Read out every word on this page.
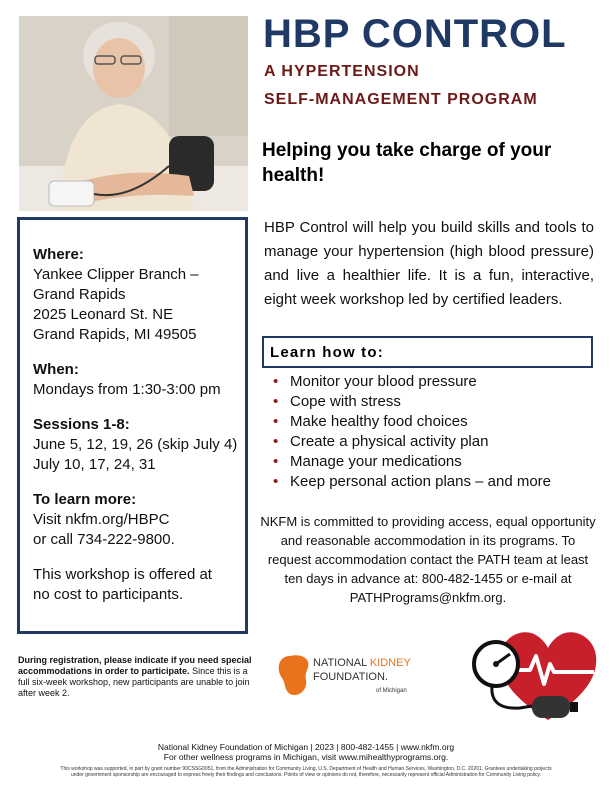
HBP CONTROL
A HYPERTENSION
SELF-MANAGEMENT PROGRAM
Helping you take charge of your health!
HBP Control will help you build skills and tools to manage your hypertension (high blood pressure) and live a healthier life. It is a fun, interactive, eight week workshop led by certified leaders.
Learn how to:
• Monitor your blood pressure
• Cope with stress
• Make healthy food choices
• Create a physical activity plan
• Manage your medications
• Keep personal action plans – and more
NKFM is committed to providing access, equal opportunity and reasonable accommodation in its programs. To request accommodation contact the PATH team at least ten days in advance at: 800-482-1455 or e-mail at PATHPrograms@nkfm.org.
Where:
Yankee Clipper Branch –
Grand Rapids
2025 Leonard St. NE
Grand Rapids, MI 49505
When:
Mondays from 1:30-3:00 pm
Sessions 1-8:
June 5, 12, 19, 26 (skip July 4)
July 10, 17, 24, 31
To learn more:
Visit nkfm.org/HBPC
or call 734-222-9800.
This workshop is offered at
no cost to participants.
During registration, please indicate if you need special accommodations in order to participate. Since this is a full six-week workshop, new participants are unable to join after week 2.
NATIONAL KIDNEY
FOUNDATION.
of Michigan
National Kidney Foundation of Michigan | 2023 | 800-482-1455 | www.nkfm.org
For other wellness programs in Michigan, visit www.mihealthyprograms.org.
This workshop was supported, in part by grant number 90CSSG0051, from the Administration for Community Living, U.S. Department of Health and Human Services, Washington, D.C. 20201. Grantees undertaking projects
under government sponsorship are encouraged to express freely their findings and conclusions. Points of view or opinions do not, therefore, necessarily represent official Administration for Community Living policy.
